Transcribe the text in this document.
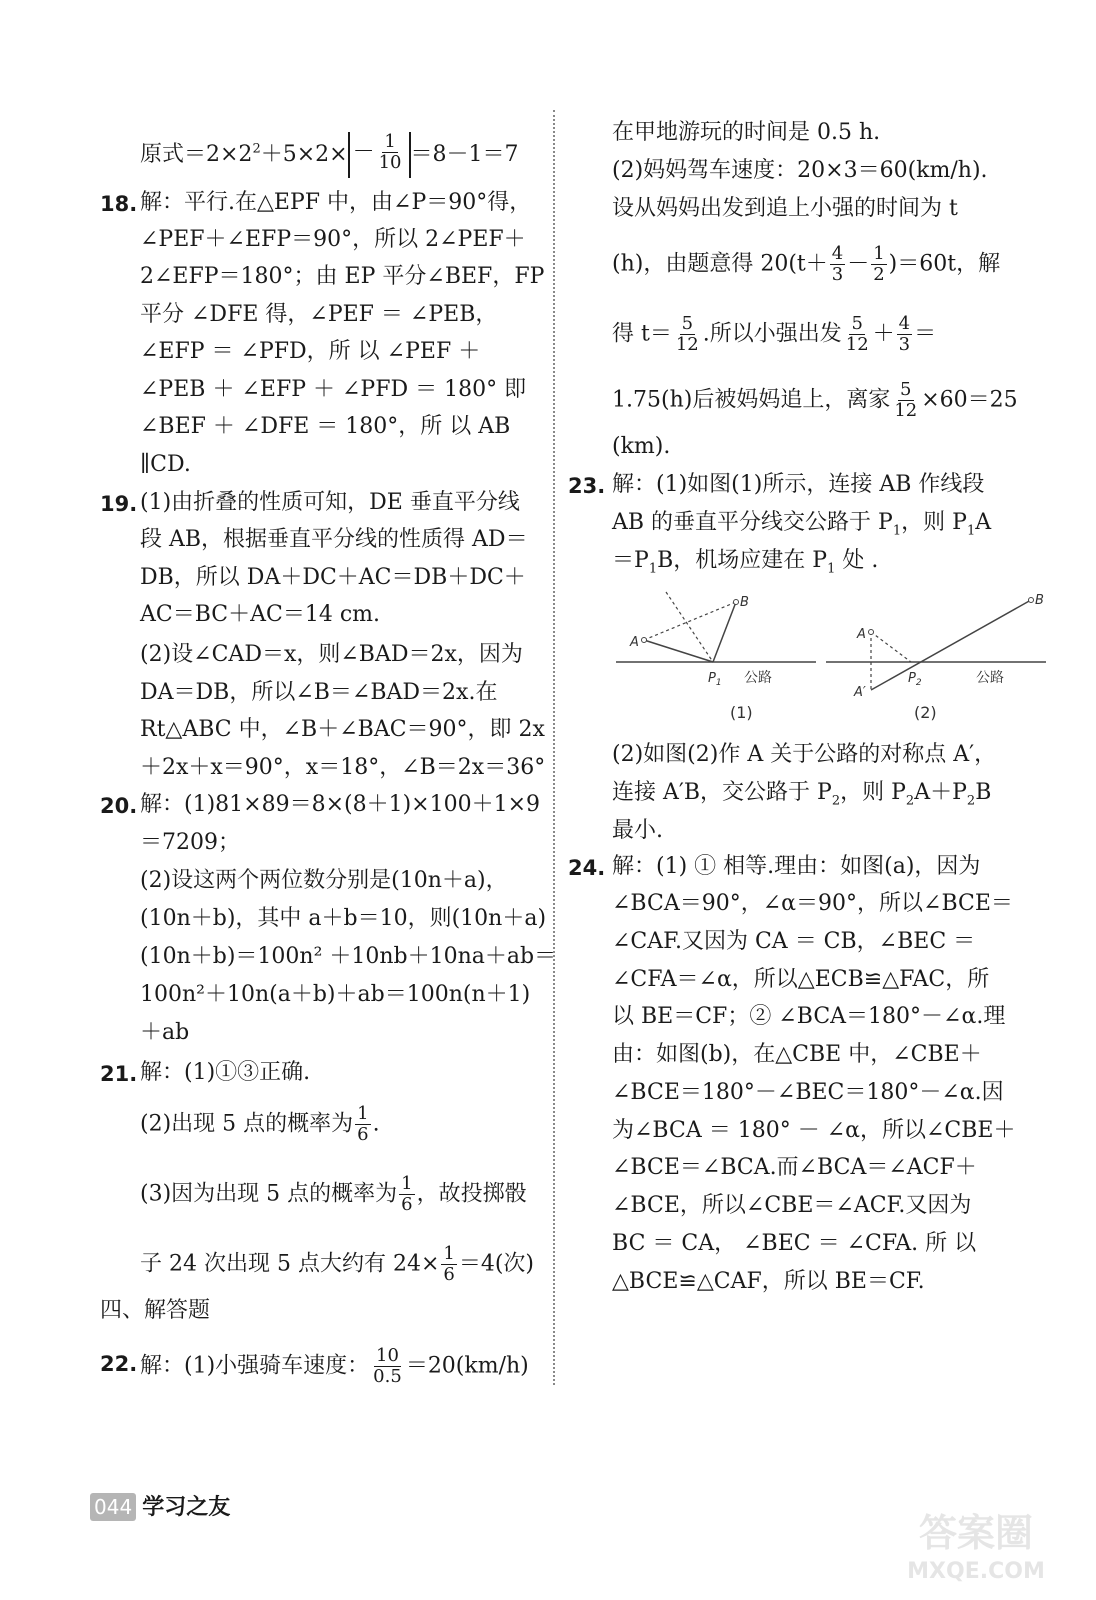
原式$=2\times 2^2+5\times 2\times - \frac{1}{10} =8-1=7$
18. 解：平行.在△EPF 中，由∠P＝90°得，
∠PEF＋∠EFP＝90°，所以 2∠PEF＋
2∠EFP＝180°；由 EP 平分∠BEF，FP
平分 ∠DFE 得，∠PEF ＝ ∠PEB，
∠EFP ＝ ∠PFD，所 以 ∠PEF ＋
∠PEB ＋ ∠EFP ＋ ∠PFD ＝ 180° 即
∠BEF ＋ ∠DFE ＝ 180°，所 以 AB
∥CD.
19. (1)由折叠的性质可知，DE 垂直平分线
段 AB，根据垂直平分线的性质得 AD＝
DB，所以 DA＋DC＋AC＝DB＋DC＋
AC＝BC＋AC＝14 cm.
(2)设∠CAD＝x，则∠BAD＝2x，因为
DA＝DB，所以∠B＝∠BAD＝2x.在
Rt△ABC 中，∠B＋∠BAC＝90°，即 2x
＋2x＋x＝90°，x＝18°，∠B＝2x＝36°
20. 解：(1)81×89＝8×(8＋1)×100＋1×9
＝7209；
(2)设这两个两位数分别是(10n＋a)，
(10n＋b)，其中 a＋b＝10，则(10n＋a)
(10n＋b)＝100n² ＋10nb＋10na＋ab＝
100n²＋10n(a＋b)＋ab＝100n(n＋1)
＋ab
21. 解：(1)①③正确.
(2)出现 5 点的概率为 $\frac{1}{6}$ .
(3)因为出现 5 点的概率为 $\frac{1}{6}$ ，故投掷骰
子 24 次出现 5 点大约有 $24\times \frac{1}{6} =4$(次)
四、解答题
22. 解：(1)小强骑车速度： $\frac{10}{0.5} =20(km/h)$
在甲地游玩的时间是 0.5 h.
(2)妈妈驾车速度：20×3＝60(km/h).
设从妈妈出发到追上小强的时间为 t
(h)，由题意得 $20(t+ \frac{4}{3} - \frac{1}{2} )=60t$，解
得 $t= \frac{5}{12}$ .所以小强出发 $\frac{5}{12} + \frac{4}{3}$ ＝
1.75(h)后被妈妈追上，离家 $\frac{5}{12} \times 60=25$
(km).
23. 解：(1)如图(1)所示，连接 AB 作线段
AB 的垂直平分线交公路于 $P_1$，则 $P_1A$
$=P_1B$，机场应建在 $P_1$ 处 .
A
B
$P_1$ 公路
(1)
A
A′
B
$P_2$	公路
(2)
(2)如图(2)作 A 关于公路的对称点 A′，
连接 A′B，交公路于 $P_2$，则 $P_2A+P_2B$
最小.
24. 解：(1) ① 相等.理由：如图(a)，因为
∠BCA＝90°，∠α＝90°，所以∠BCE＝
∠CAF.又因为 CA ＝ CB，∠BEC ＝
∠CFA＝∠α，所以△ECB≌△FAC，所
以 BE＝CF；② ∠BCA＝180°－∠α.理
由：如图(b)，在△CBE 中，∠CBE＋
∠BCE＝180°－∠BEC＝180°－∠α.因
为∠BCA ＝ 180° － ∠α，所以∠CBE＋
∠BCE＝∠BCA.而∠BCA＝∠ACF＋
∠BCE，所以∠CBE＝∠ACF.又因为
BC ＝ CA， ∠BEC ＝ ∠CFA. 所 以
△BCE≌△CAF，所以 BE＝CF.
044 学习之友
答案圈
MXQE.COM
